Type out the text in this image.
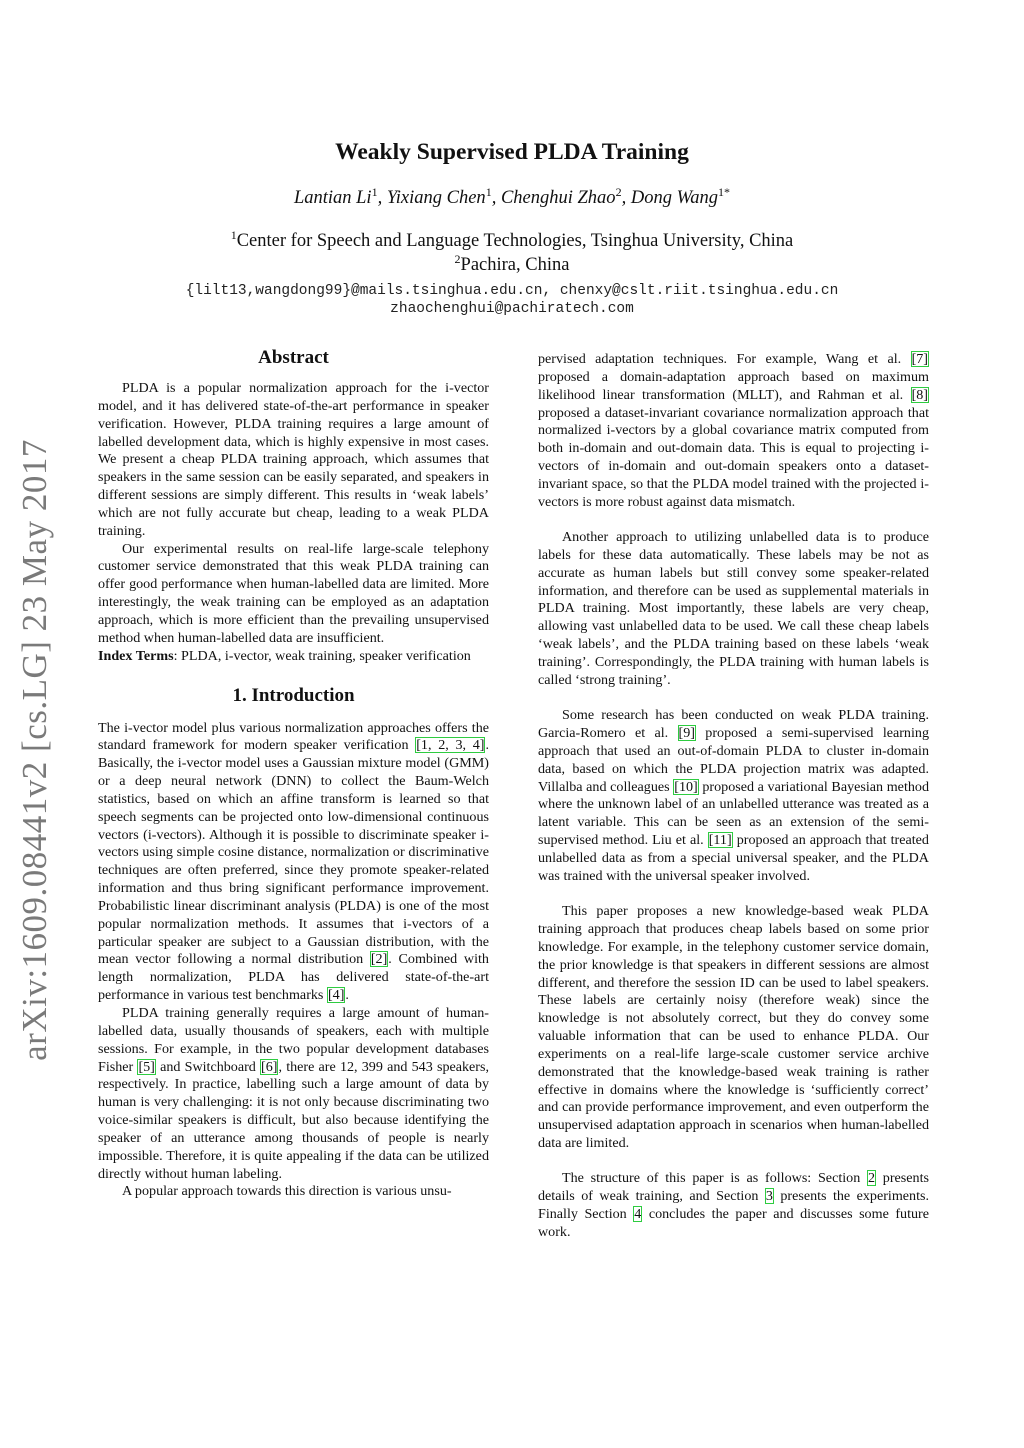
arXiv:1609.08441v2 [cs.LG] 23 May 2017
Weakly Supervised PLDA Training
Lantian Li$^1$, Yixiang Chen$^1$, Chenghui Zhao$^2$, Dong Wang$^{1*}$
$^1$Center for Speech and Language Technologies, Tsinghua University, China
$^2$Pachira, China
{lilt13,wangdong99}@mails.tsinghua.edu.cn, chenxy@cslt.riit.tsinghua.edu.cn
zhaochenghui@pachiratech.com
Abstract

PLDA is a popular normalization approach for the i-vector model, and it has delivered state-of-the-art performance in speaker verification. However, PLDA training requires a large amount of labelled development data, which is highly expensive in most cases. We present a cheap PLDA training approach, which assumes that speakers in the same session can be easily separated, and speakers in different sessions are simply different. This results in ‘weak labels’ which are not fully accurate but cheap, leading to a weak PLDA training.

Our experimental results on real-life large-scale telephony customer service demonstrated that this weak PLDA training can offer good performance when human-labelled data are limited. More interestingly, the weak training can be employed as an adaptation approach, which is more efficient than the prevailing unsupervised method when human-labelled data are insufficient.

Index Terms: PLDA, i-vector, weak training, speaker verification

1. Introduction

The i-vector model plus various normalization approaches offers the standard framework for modern speaker verification [1, 2, 3, 4]. Basically, the i-vector model uses a Gaussian mixture model (GMM) or a deep neural network (DNN) to collect the Baum-Welch statistics, based on which an affine transform is learned so that speech segments can be projected onto low-dimensional continuous vectors (i-vectors). Although it is possible to discriminate speaker i-vectors using simple cosine distance, normalization or discriminative techniques are often preferred, since they promote speaker-related information and thus bring significant performance improvement. Probabilistic linear discriminant analysis (PLDA) is one of the most popular normalization methods. It assumes that i-vectors of a particular speaker are subject to a Gaussian distribution, with the mean vector following a normal distribution [2]. Combined with length normalization, PLDA has delivered state-of-the-art performance in various test benchmarks [4].

PLDA training generally requires a large amount of human-labelled data, usually thousands of speakers, each with multiple sessions. For example, in the two popular development databases Fisher [5] and Switchboard [6], there are 12, 399 and 543 speakers, respectively. In practice, labelling such a large amount of data by human is very challenging: it is not only because discriminating two voice-similar speakers is difficult, but also because identifying the speaker of an utterance among thousands of people is nearly impossible. Therefore, it is quite appealing if the data can be utilized directly without human labeling.

A popular approach towards this direction is various unsu-

pervised adaptation techniques. For example, Wang et al. [7] proposed a domain-adaptation approach based on maximum likelihood linear transformation (MLLT), and Rahman et al. [8] proposed a dataset-invariant covariance normalization approach that normalized i-vectors by a global covariance matrix computed from both in-domain and out-domain data. This is equal to projecting i-vectors of in-domain and out-domain speakers onto a dataset-invariant space, so that the PLDA model trained with the projected i-vectors is more robust against data mismatch.

Another approach to utilizing unlabelled data is to produce labels for these data automatically. These labels may be not as accurate as human labels but still convey some speaker-related information, and therefore can be used as supplemental materials in PLDA training. Most importantly, these labels are very cheap, allowing vast unlabelled data to be used. We call these cheap labels ‘weak labels’, and the PLDA training based on these labels ‘weak training’. Correspondingly, the PLDA training with human labels is called ‘strong training’.

Some research has been conducted on weak PLDA training. Garcia-Romero et al. [9] proposed a semi-supervised learning approach that used an out-of-domain PLDA to cluster in-domain data, based on which the PLDA projection matrix was adapted. Villalba and colleagues [10] proposed a variational Bayesian method where the unknown label of an unlabelled utterance was treated as a latent variable. This can be seen as an extension of the semi-supervised method. Liu et al. [11] proposed an approach that treated unlabelled data as from a special universal speaker, and the PLDA was trained with the universal speaker involved.

This paper proposes a new knowledge-based weak PLDA training approach that produces cheap labels based on some prior knowledge. For example, in the telephony customer service domain, the prior knowledge is that speakers in different sessions are almost different, and therefore the session ID can be used to label speakers. These labels are certainly noisy (therefore weak) since the knowledge is not absolutely correct, but they do convey some valuable information that can be used to enhance PLDA. Our experiments on a real-life large-scale customer service archive demonstrated that the knowledge-based weak training is rather effective in domains where the knowledge is ‘sufficiently correct’ and can provide performance improvement, and even outperform the unsupervised adaptation approach in scenarios when human-labelled data are limited.

The structure of this paper is as follows: Section 2 presents details of weak training, and Section 3 presents the experiments. Finally Section 4 concludes the paper and discusses some future work.
